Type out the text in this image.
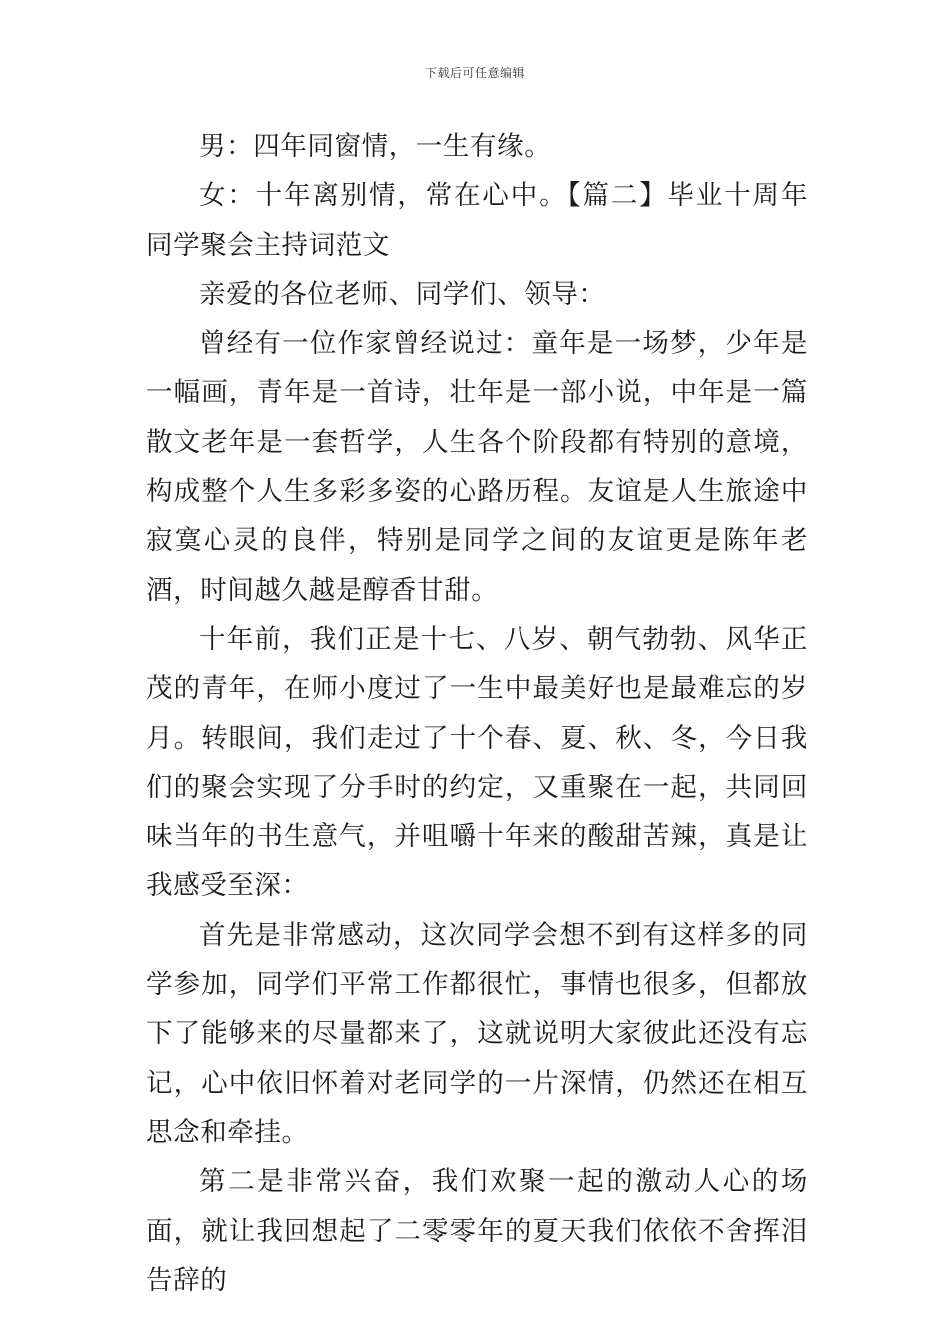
下载后可任意编辑

男：四年同窗情，一生有缘。

女：十年离别情，常在心中。【篇二】毕业十周年同学聚会主持词范文

亲爱的各位老师、同学们、领导：

曾经有一位作家曾经说过：童年是一场梦，少年是一幅画，青年是一首诗，壮年是一部小说，中年是一篇散文老年是一套哲学，人生各个阶段都有特别的意境，构成整个人生多彩多姿的心路历程。友谊是人生旅途中寂寞心灵的良伴，特别是同学之间的友谊更是陈年老酒，时间越久越是醇香甘甜。

十年前，我们正是十七、八岁、朝气勃勃、风华正茂的青年，在师小度过了一生中最美好也是最难忘的岁月。转眼间，我们走过了十个春、夏、秋、冬，今日我们的聚会实现了分手时的约定，又重聚在一起，共同回味当年的书生意气，并咀嚼十年来的酸甜苦辣，真是让我感受至深：

首先是非常感动，这次同学会想不到有这样多的同学参加，同学们平常工作都很忙，事情也很多，但都放下了能够来的尽量都来了，这就说明大家彼此还没有忘记，心中依旧怀着对老同学的一片深情，仍然还在相互思念和牵挂。

第二是非常兴奋，我们欢聚一起的激动人心的场面，就让我回想起了二零零年的夏天我们依依不舍挥泪告辞的
